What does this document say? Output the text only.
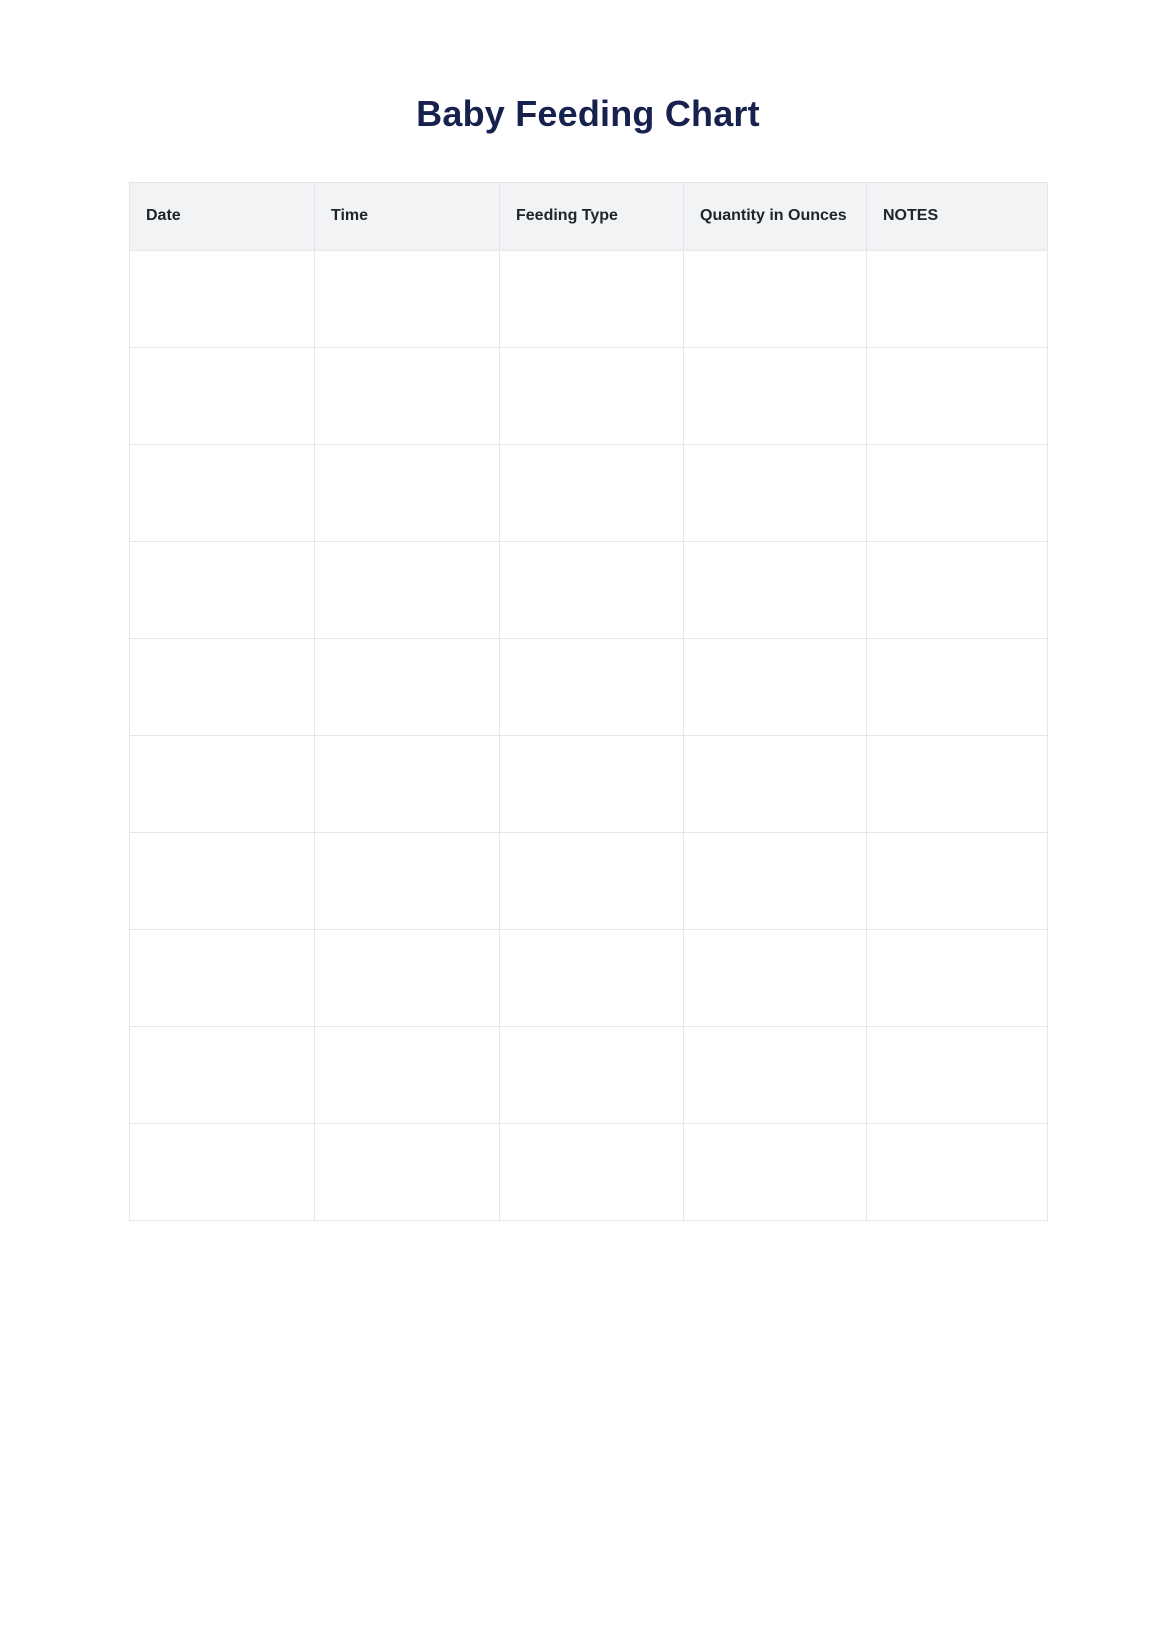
Baby Feeding Chart
Date	Time	Feeding Type	Quantity in Ounces	NOTES
